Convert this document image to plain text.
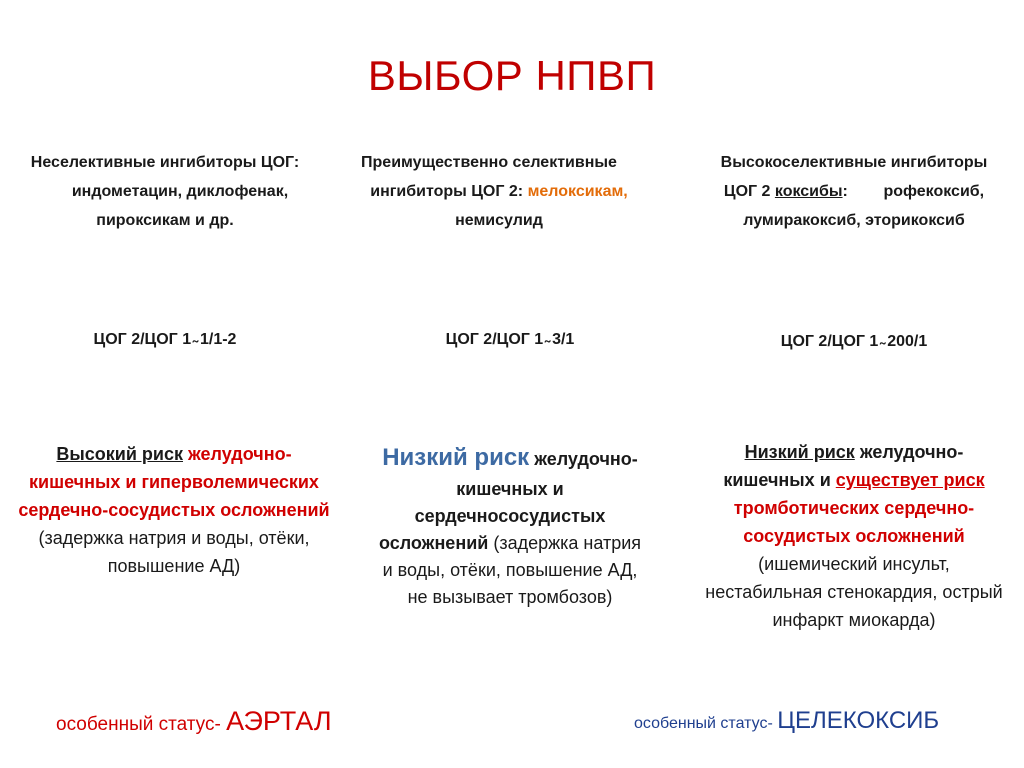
ВЫБОР НПВП
Неселективные ингибиторы ЦОГ:
индометацин, диклофенак,
пироксикам и др.
ЦОГ 2/ЦОГ 1 ̴ 1/1-2
Высокий риск желудочно-
кишечных и гиперволемических
сердечно-сосудистых осложнений
(задержка натрия и воды, отёки,
повышение АД)
Преимущественно селективные
ингибиторы ЦОГ 2: мелоксикам,
немисулид
ЦОГ 2/ЦОГ 1 ̴ 3/1
Низкий риск желудочно-
кишечных и
сердечнососудистых
осложнений (задержка натрия
и воды, отёки, повышение АД,
не вызывает тромбозов)
Высокоселективные ингибиторы
ЦОГ 2 коксибы:        рофекоксиб,
лумиракоксиб, эторикоксиб
ЦОГ 2/ЦОГ 1 ̴ 200/1
Низкий риск желудочно-
кишечных и существует риск
тромботических сердечно-
сосудистых осложнений
(ишемический инсульт,
нестабильная стенокардия, острый
инфаркт миокарда)
особенный статус- АЭРТАЛ	особенный статус- ЦЕЛЕКОКСИБ
